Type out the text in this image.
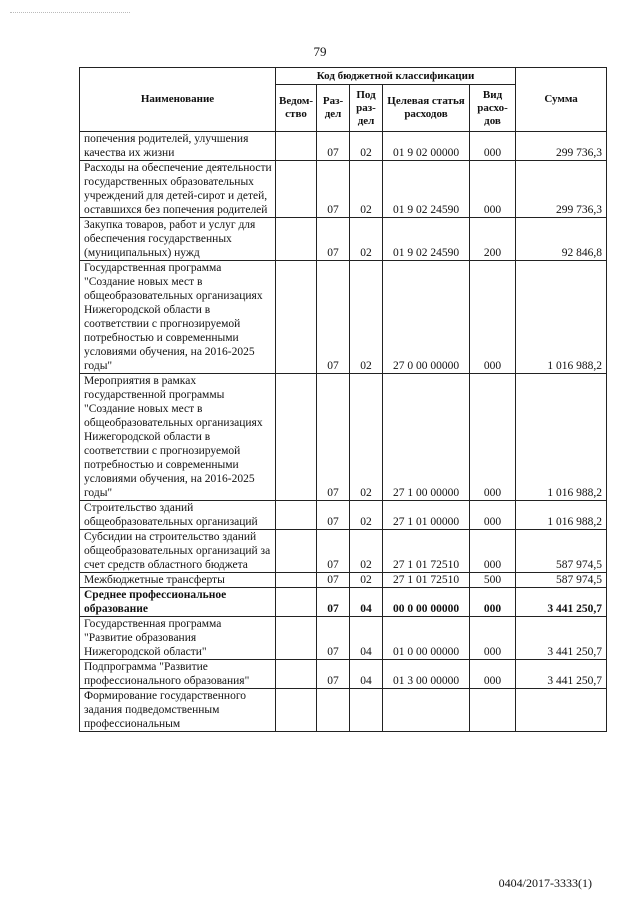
79
Наименование	Код бюджетной классификации					Сумма
	Ведом-ство	Раз-дел	Под раз-дел	Целевая статья расходов	Вид расхо-дов	
попечения родителей, улучшения качества их жизни		07	02	01 9 02 00000	000	299 736,3
Расходы на обеспечение деятельности государственных образовательных учреждений для детей-сирот и детей, оставшихся без попечения родителей		07	02	01 9 02 24590	000	299 736,3
Закупка товаров, работ и услуг для обеспечения государственных (муниципальных) нужд		07	02	01 9 02 24590	200	92 846,8
Государственная программа "Создание новых мест в общеобразовательных организациях Нижегородской области в соответствии с прогнозируемой потребностью и современными условиями обучения, на 2016-2025 годы"		07	02	27 0 00 00000	000	1 016 988,2
Мероприятия в рамках государственной программы "Создание новых мест в общеобразовательных организациях Нижегородской области в соответствии с прогнозируемой потребностью и современными условиями обучения, на 2016-2025 годы"		07	02	27 1 00 00000	000	1 016 988,2
Строительство зданий общеобразовательных организаций		07	02	27 1 01 00000	000	1 016 988,2
Субсидии на строительство зданий общеобразовательных организаций за счет средств областного бюджета		07	02	27 1 01 72510	000	587 974,5
Межбюджетные трансферты		07	02	27 1 01 72510	500	587 974,5
Среднее профессиональное образование		07	04	00 0 00 00000	000	3 441 250,7
Государственная программа "Развитие образования Нижегородской области"		07	04	01 0 00 00000	000	3 441 250,7
Подпрограмма "Развитие профессионального образования"		07	04	01 3 00 00000	000	3 441 250,7
Формирование государственного задания подведомственным профессиональным						
0404/2017-3333(1)
